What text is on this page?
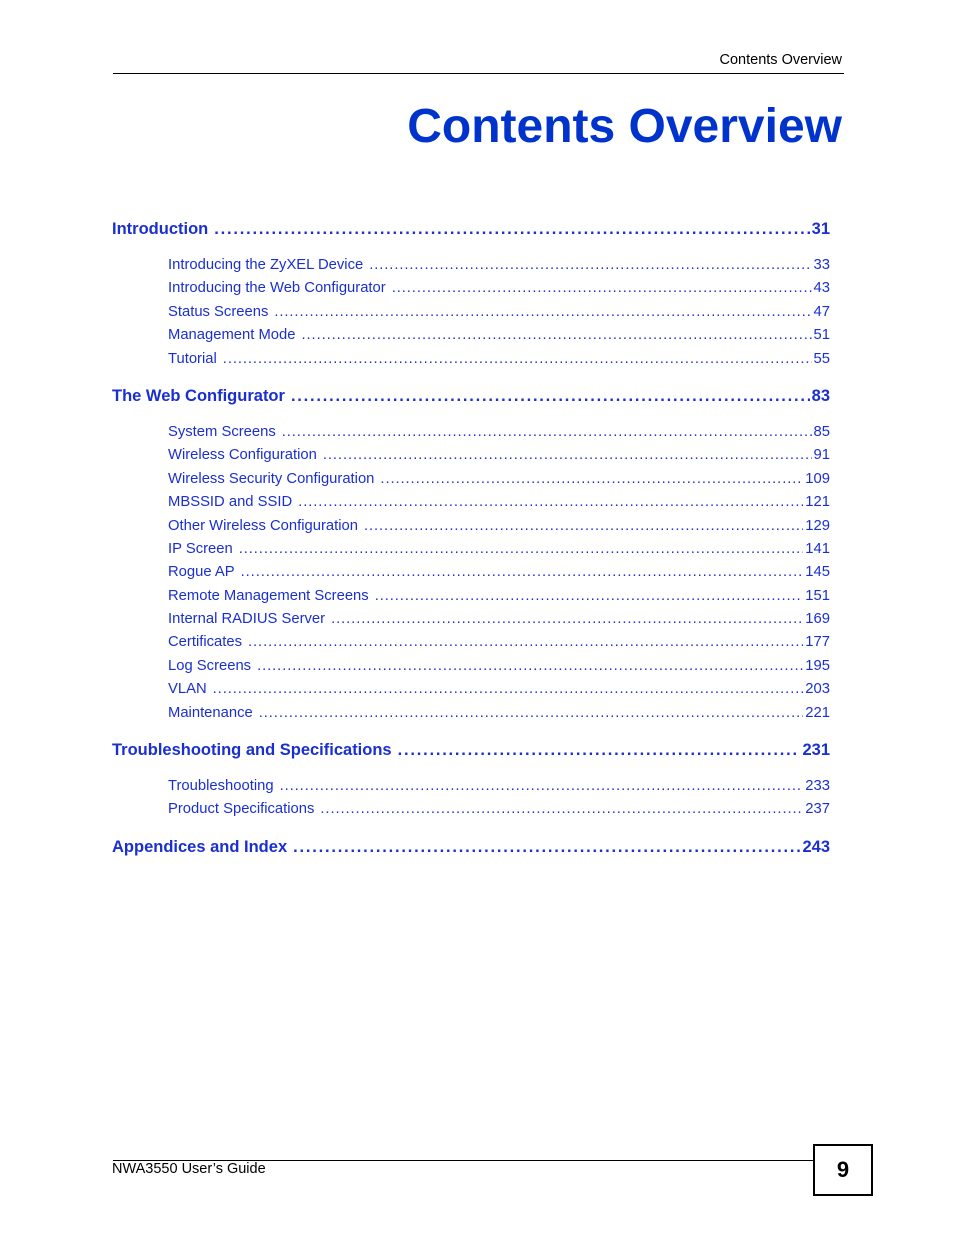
Contents Overview
Contents Overview
Introduction . . .	31
Introducing the ZyXEL Device . . .	33
Introducing the Web Configurator . . .	43
Status Screens . . .	47
Management Mode . . .	51
Tutorial . . .	55
The Web Configurator . . .	83
System Screens . . .	85
Wireless Configuration . . .	91
Wireless Security Configuration . . .	109
MBSSID and SSID . . .	121
Other Wireless Configuration . . .	129
IP Screen . . .	141
Rogue AP . . .	145
Remote Management Screens . . .	151
Internal RADIUS Server . . .	169
Certificates . . .	177
Log Screens . . .	195
VLAN . . .	203
Maintenance . . .	221
Troubleshooting and Specifications . . .	231
Troubleshooting . . .	233
Product Specifications . . .	237
Appendices and Index . . .	243
NWA3550 User’s Guide	9
